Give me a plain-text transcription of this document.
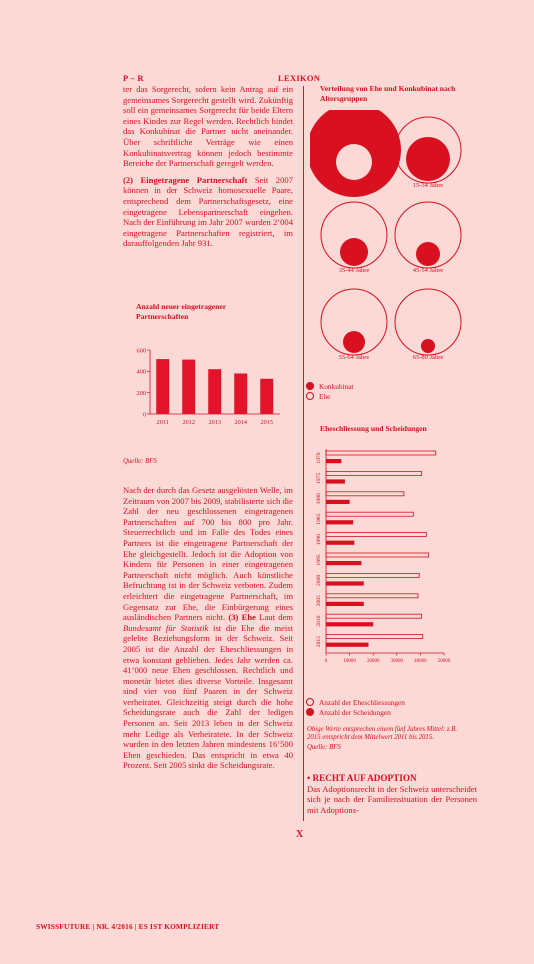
P – R	LEXIKON

ter das Sorgerecht, sofern kein Antrag auf ein gemeinsames Sorgerecht gestellt wird. Zukünftig soll ein gemeinsames Sorgerecht für beide Eltern eines Kindes zur Regel werden. Rechtlich bindet das Konkubinat die Partner nicht aneinander. Über schriftliche Verträge wie einen Konkubinatsvertrag können jedoch bestimmte Bereiche der Partnerschaft geregelt werden.

(2) Eingetragene Partnerschaft Seit 2007 können in der Schweiz homosexuelle Paare, entsprechend dem Partnerschaftsgesetz, eine eingetragene Lebenspartnerschaft eingehen. Nach der Einführung im Jahr 2007 wurden 2’004 eingetragene Partnerschaften registriert, im darauffolgenden Jahr 931.

Anzahl neuer eingetragener Partnerschaften
0
200
400
600
2011 2012 2013 2014 2015
Quelle: BFS

Nach der durch das Gesetz ausgelösten Welle, im Zeitraum von 2007 bis 2009, stabilisierte sich die Zahl der neu geschlossenen eingetragenen Partnerschaften auf 700 bis 800 pro Jahr. Steuerrechtlich und im Falle des Todes eines Partners ist die eingetragene Partnerschaft der Ehe gleichgestellt. Jedoch ist die Adoption von Kindern für Personen in einer eingetragenen Partnerschaft nicht möglich. Auch künstliche Befruchtung ist in der Schweiz verboten. Zudem erleichtert die eingetragene Partnerschaft, im Gegensatz zur Ehe, die Einbürgerung eines ausländischen Partners nicht. (3) Ehe Laut dem Bundesamt für Statistik ist die Ehe die meist gelebte Beziehungsform in der Schweiz. Seit 2005 ist die Anzahl der Eheschliessungen in etwa konstant geblieben. Jedes Jahr werden ca. 41’000 neue Ehen geschlossen. Rechtlich und monetär bietet dies diverse Vorteile. Insgesamt sind vier von fünf Paaren in der Schweiz verheiratet. Gleichzeitig steigt durch die hohe Scheidungsrate auch die Zahl der ledigen Personen an. Seit 2013 leben in der Schweiz mehr Ledige als Verheiratete. In der Schweiz wurden in den letzten Jahren mindestens 16’500 Ehen geschieden. Das entspricht in etwa 40 Prozent. Seit 2005 sinkt die Scheidungsrate.

Verteilung von Ehe und Konkubinat nach Altersgruppen
18-24 Jahre
15-34 Jahre
35-44 Jahre	45-54 Jahre
55-64 Jahre	65-80 Jahre
Konkubinat
Ehe
Eheschliessung und Scheidungen
1970
1975
1980
1985
1990
1995
2000
2005
2010
2015
0	10000 20000 30000 40000 50000
Anzahl der Eheschliessungen
Anzahl der Scheidungen
Obige Werte entsprechen einem fünf Jahres Mittel: z.B. 2015 entspricht dem Mittelwert 2011 bis 2015.
Quelle: BFS

• RECHT AUF ADOPTION

Das Adoptionsrecht in der Schweiz unterscheidet sich je nach der Familiensituation der Personen mit Adoptions-

X
SWISSFUTURE | NR. 4/2016 | ES IST KOMPLIZIERT
